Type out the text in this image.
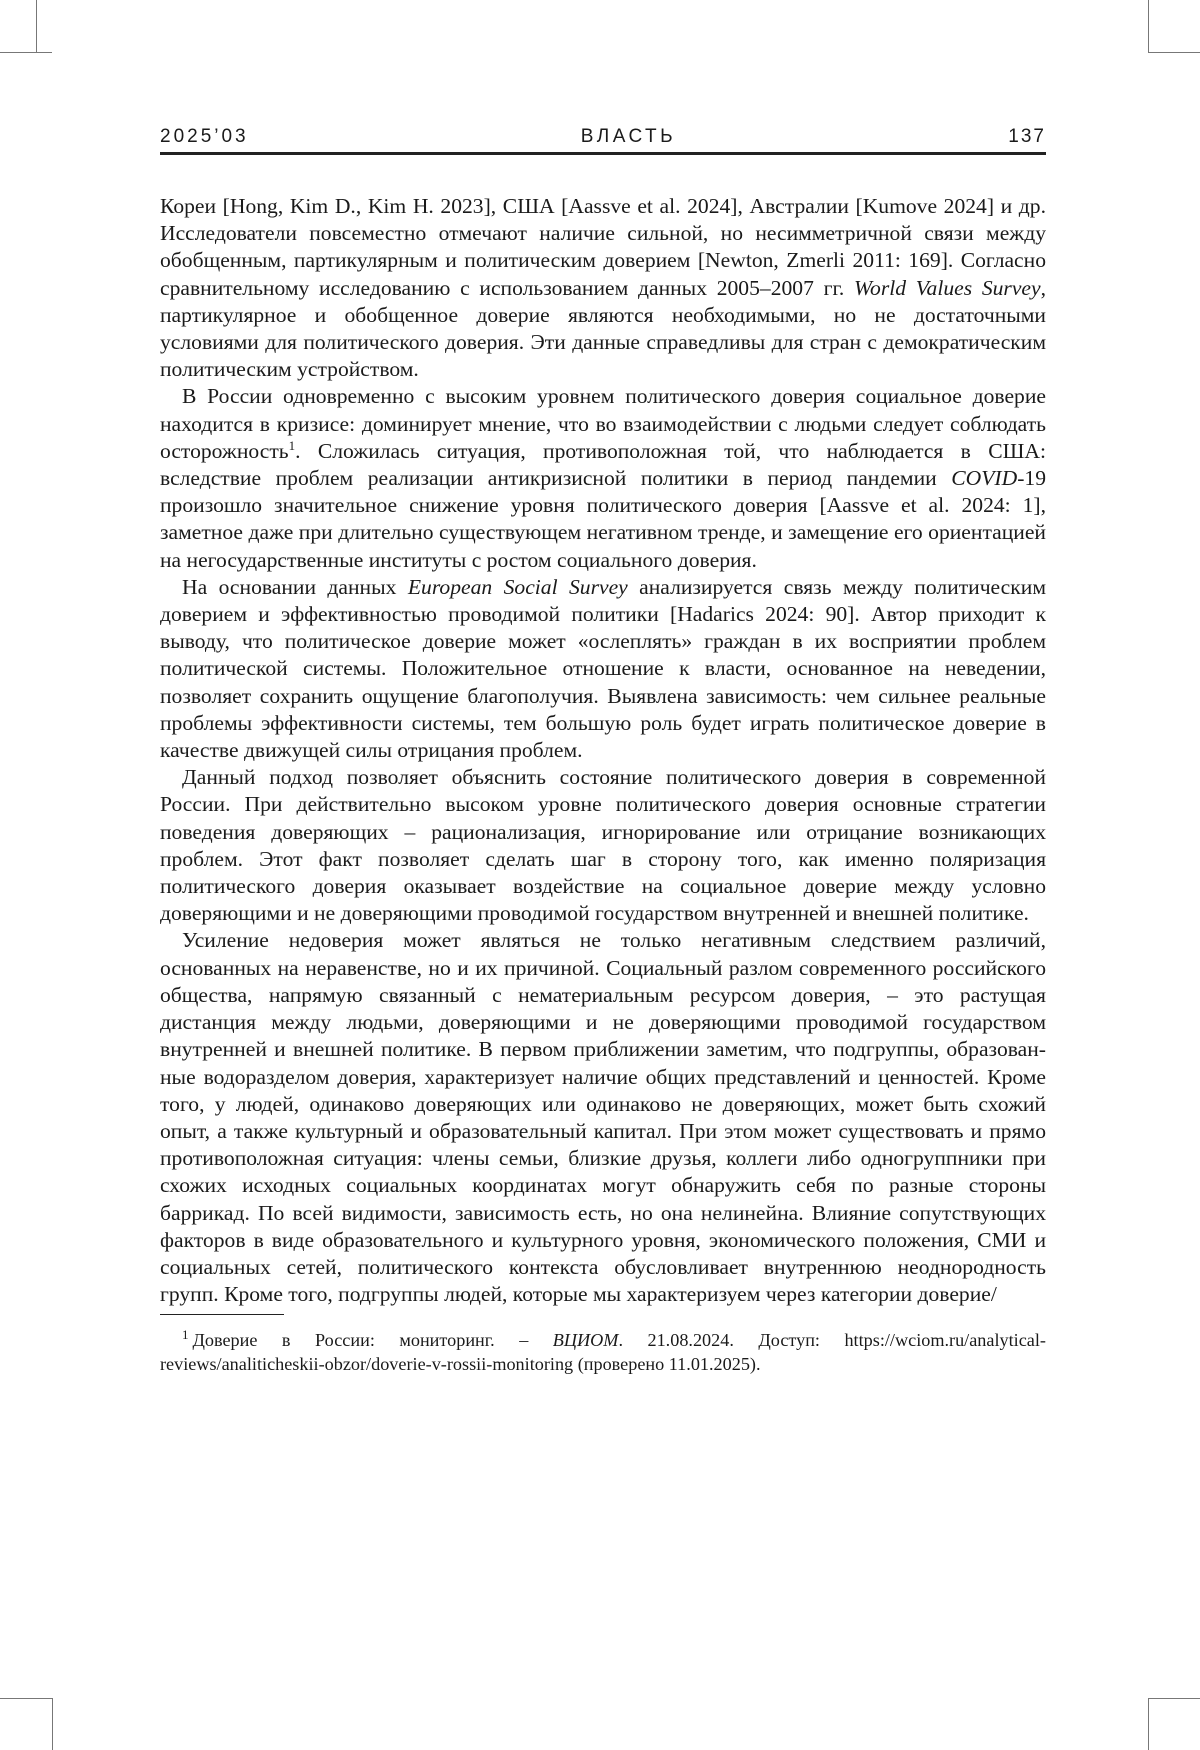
2025’03	ВЛАСТЬ	137

Кореи [Hong, Kim D., Kim H. 2023], США [Aassve et al. 2024], Австралии [Kumove 2024] и др. Исследователи повсеместно отмечают наличие сильной, но несимметричной связи между обобщенным, партикулярным и политическим доверием [Newton, Zmerli 2011: 169]. Согласно сравнительному исследованию с использованием данных 2005–2007 гг. World Values Survey, партикулярное и обобщенное доверие являются необходимыми, но не достаточными условиями для политического доверия. Эти данные справедливы для стран с демократическим политическим устройством.

В России одновременно с высоким уровнем политического доверия социальное доверие находится в кризисе: доминирует мнение, что во взаимодействии с людьми следует соблюдать осторожность$^1$. Сложилась ситуация, противоположная той, что наблюдается в США: вследствие проблем реализации антикризисной политики в период пандемии COVID-19 произошло значительное снижение уровня политического доверия [Aassve et al. 2024: 1], заметное даже при длительно существующем негативном тренде, и замещение его ориентацией на негосударственные институты с ростом социального доверия.

На основании данных European Social Survey анализируется связь между политическим доверием и эффективностью проводимой политики [Hadarics 2024: 90]. Автор приходит к выводу, что политическое доверие может «ослеплять» граждан в их восприятии проблем политической системы. Положительное отношение к власти, основанное на неведении, позволяет сохранить ощущение благополучия. Выявлена зависимость: чем сильнее реальные проблемы эффективности системы, тем большую роль будет играть политическое доверие в качестве движущей силы отрицания проблем.

Данный подход позволяет объяснить состояние политического доверия в современной России. При действительно высоком уровне политического доверия основные стратегии поведения доверяющих – рационализация, игнорирование или отрицание возникающих проблем. Этот факт позволяет сделать шаг в сторону того, как именно поляризация политического доверия оказывает воздействие на социальное доверие между условно доверяющими и не доверяющими проводимой государством внутренней и внешней политике.

Усиление недоверия может являться не только негативным следствием различий, основанных на неравенстве, но и их причиной. Социальный разлом современного российского общества, напрямую связанный с нематериальным ресурсом доверия, – это растущая дистанция между людьми, доверяющими и не доверяющими проводимой государством внутренней и внешней политике. В первом приближении заметим, что подгруппы, образованные водоразделом доверия, характеризует наличие общих представлений и ценностей. Кроме того, у людей, одинаково доверяющих или одинаково не доверяющих, может быть схожий опыт, а также культурный и образовательный капитал. При этом может существовать и прямо противоположная ситуация: члены семьи, близкие друзья, коллеги либо одногруппники при схожих исходных социальных координатах могут обнаружить себя по разные стороны баррикад. По всей видимости, зависимость есть, но она нелинейна. Влияние сопутствующих факторов в виде образовательного и культурного уровня, экономического положения, СМИ и социальных сетей, политического контекста обусловливает внутреннюю неоднородность групп. Кроме того, подгруппы людей, которые мы характеризуем через категории доверие/

$^1$ Доверие в России: мониторинг. – ВЦИОМ. 21.08.2024. Доступ: https://wciom.ru/analytical-reviews/analiticheskii-obzor/doverie-v-rossii-monitoring (проверено 11.01.2025).
